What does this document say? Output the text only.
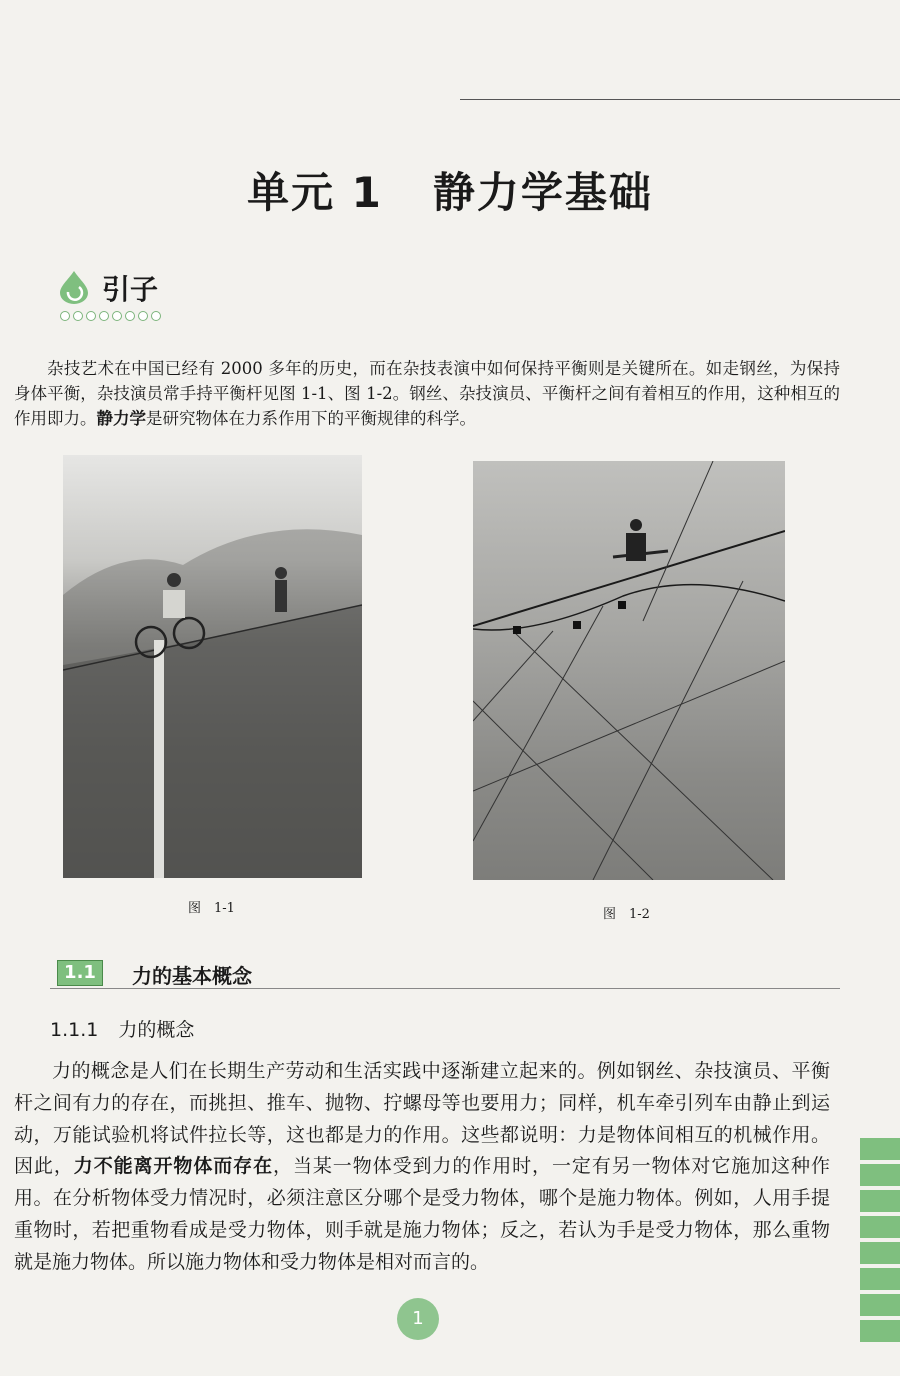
单元 1 静力学基础
引子

杂技艺术在中国已经有 2000 多年的历史，而在杂技表演中如何保持平衡则是关键所在。如走钢丝，为保持身体平衡，杂技演员常手持平衡杆见图 1-1、图 1-2。钢丝、杂技演员、平衡杆之间有着相互的作用，这种相互的作用即力。静力学是研究物体在力系作用下的平衡规律的科学。

图　1-1	图　1-2
1.1	力的基本概念
1.1.1 力的概念

力的概念是人们在长期生产劳动和生活实践中逐渐建立起来的。例如钢丝、杂技演员、平衡杆之间有力的存在，而挑担、推车、抛物、拧螺母等也要用力；同样，机车牵引列车由静止到运动，万能试验机将试件拉长等，这也都是力的作用。这些都说明：力是物体间相互的机械作用。因此，力不能离开物体而存在，当某一物体受到力的作用时，一定有另一物体对它施加这种作用。在分析物体受力情况时，必须注意区分哪个是受力物体，哪个是施力物体。例如，人用手提重物时，若把重物看成是受力物体，则手就是施力物体；反之，若认为手是受力物体，那么重物就是施力物体。所以施力物体和受力物体是相对而言的。

1
